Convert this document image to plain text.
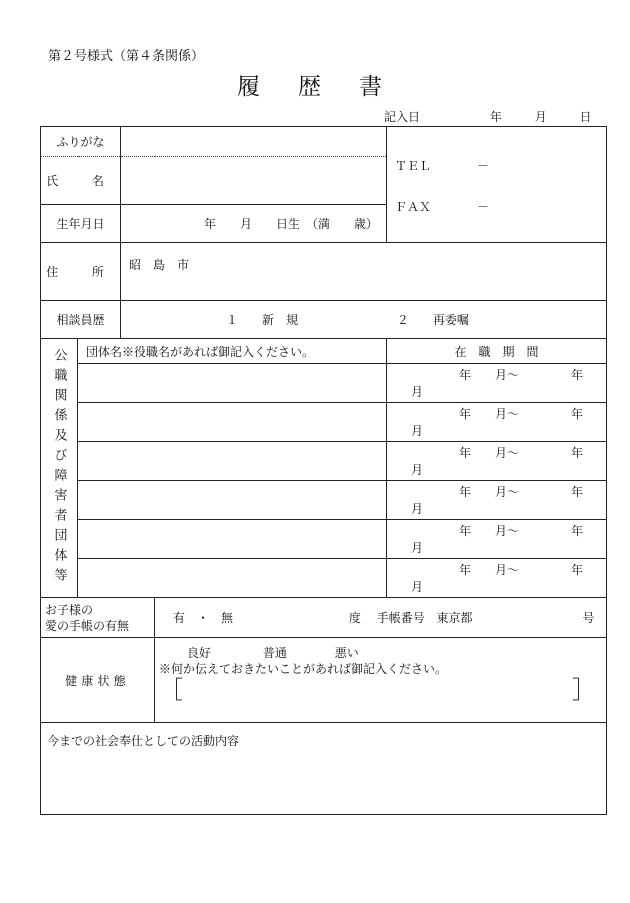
第２号様式（第４条関係）
履歴書
記入日	年	月	日
ふりがな				ＴＥＬ －
ＦＡＸ －

氏　名				
生年月日		年　　月　　日生　（満　　歳）		
住　所		昭　島　市		
相談員歴		１　　新　規 ２　　再委嘱		

公職関係及び障害者団体等	団体名※役職名があれば御記入ください。			在　職　期　間
				年 月～ 年月
				年 月～ 年月
				年 月～ 年月
				年 月～ 年月
				年 月～ 年月
				年 月～ 年月

お子様の
愛の手帳の有無			有　・　無 度 手帳番号 東京都 号	
健康状態			良好 普通 悪い
※何か伝えておきたいことがあれば御記入ください。
［ ］	

今までの社会奉仕としての活動内容				
